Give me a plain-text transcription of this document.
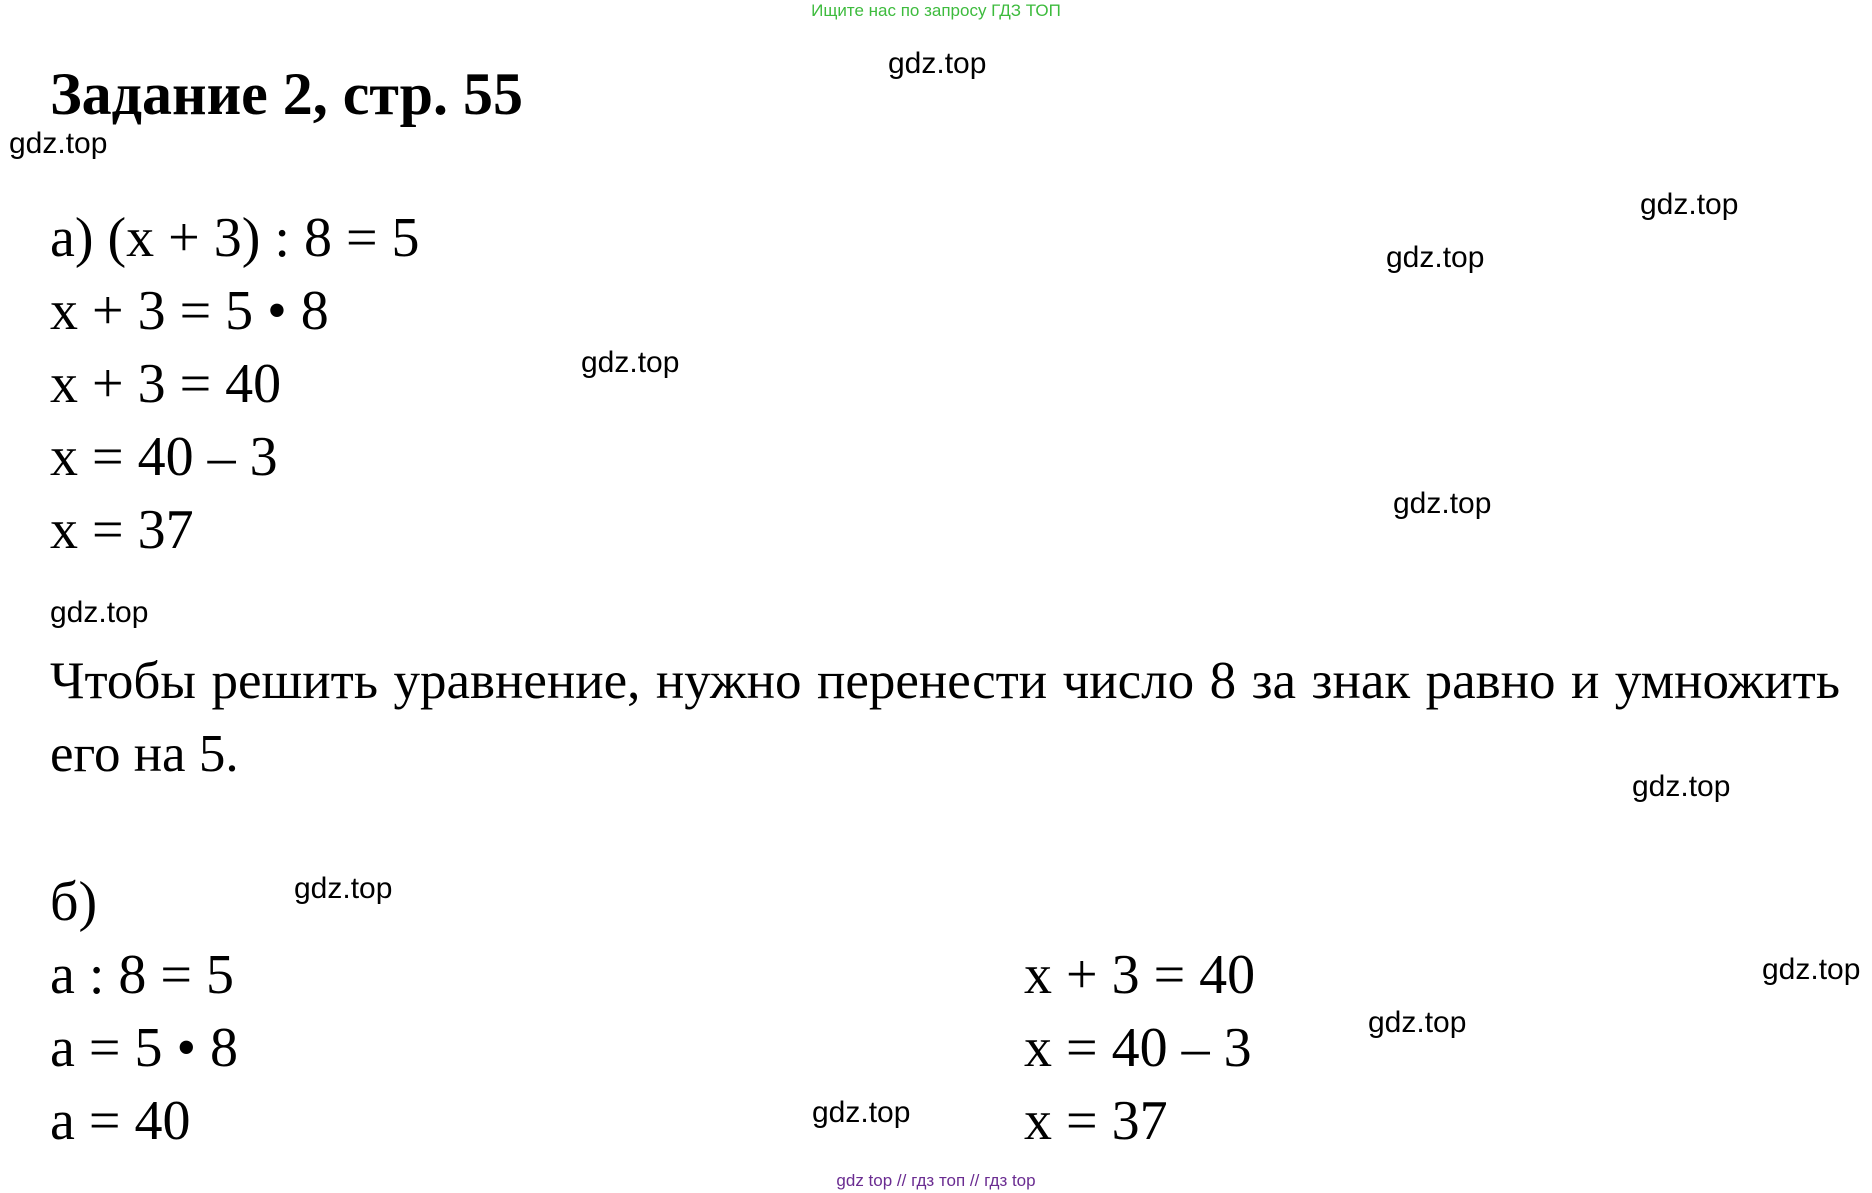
Ищите нас по запросу ГДЗ ТОП
Задание 2, стр. 55
а) (x + 3) : 8 = 5
x + 3 = 5 • 8
x + 3 = 40
x = 40 – 3
x = 37

Чтобы решить уравнение, нужно перенести число 8 за знак равно и умножить его на 5.

б)
a : 8 = 5
a = 5 • 8
a = 40
x + 3 = 40
x = 40 – 3
x = 37
gdz.top
gdz.top
gdz.top
gdz.top
gdz.top
gdz.top
gdz.top
gdz.top
gdz.top
gdz.top
gdz.top
gdz.top
gdz top // гдз топ // гдз top
